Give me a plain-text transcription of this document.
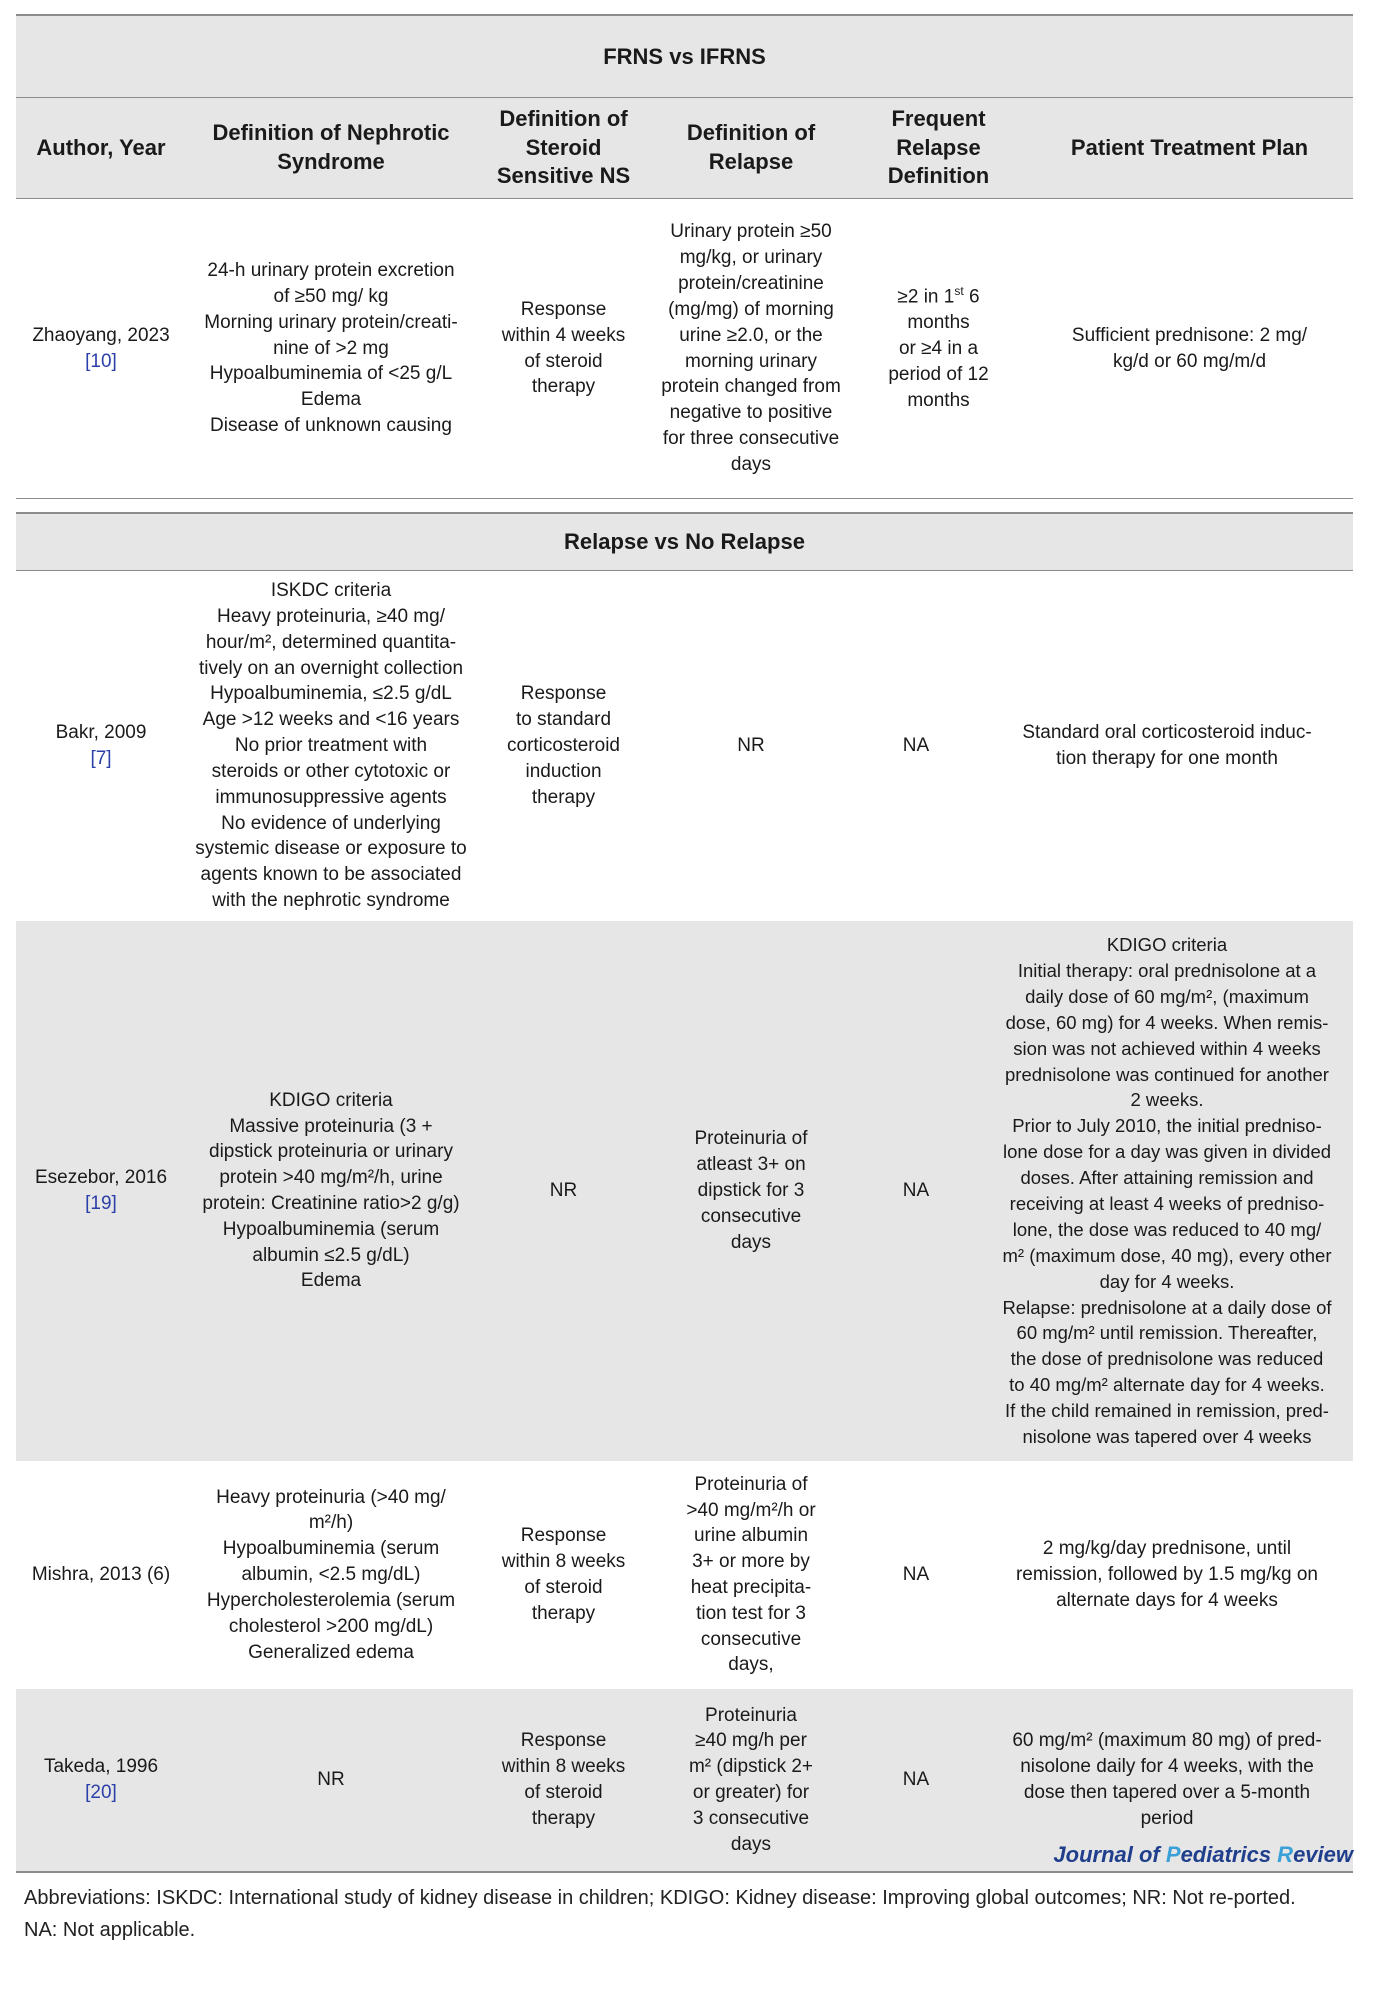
FRNS vs IFRNS
Author, Year
Definition of Nephrotic Syndrome
Definition of Steroid Sensitive NS
Definition of Relapse
Frequent Relapse Definition
Patient Treatment Plan
Zhaoyang, 2023
[10]
24-h urinary protein excretion
of ≥50 mg/ kg
Morning urinary protein/creati-
nine of >2 mg
Hypoalbuminemia of <25 g/L
Edema
Disease of unknown causing
Response
within 4 weeks
of steroid
therapy
Urinary protein ≥50
mg/kg, or urinary
protein/creatinine
(mg/mg) of morning
urine ≥2.0, or the
morning urinary
protein changed from
negative to positive
for three consecutive
days
≥2 in 1st 6
months
or ≥4 in a
period of 12
months
Sufficient prednisone: 2 mg/
kg/d or 60 mg/m/d
Relapse vs No Relapse
Bakr, 2009
[7]
ISKDC criteria
Heavy proteinuria, ≥40 mg/
hour/m², determined quantita-
tively on an overnight collection
Hypoalbuminemia, ≤2.5 g/dL
Age >12 weeks and <16 years
No prior treatment with
steroids or other cytotoxic or
immunosuppressive agents
No evidence of underlying
systemic disease or exposure to
agents known to be associated
with the nephrotic syndrome
Response
to standard
corticosteroid
induction
therapy
NR	NA
Standard oral corticosteroid induc-
tion therapy for one month
Esezebor, 2016
[19]
KDIGO criteria
Massive proteinuria (3 +
dipstick proteinuria or urinary
protein >40 mg/m²/h, urine
protein: Creatinine ratio>2 g/g)
Hypoalbuminemia (serum
albumin ≤2.5 g/dL)
Edema
NR
Proteinuria of
atleast 3+ on
dipstick for 3
consecutive
days
NA
KDIGO criteria
Initial therapy: oral prednisolone at a
daily dose of 60 mg/m², (maximum
dose, 60 mg) for 4 weeks. When remis-
sion was not achieved within 4 weeks
prednisolone was continued for another
2 weeks.
Prior to July 2010, the initial predniso-
lone dose for a day was given in divided
doses. After attaining remission and
receiving at least 4 weeks of predniso-
lone, the dose was reduced to 40 mg/
m² (maximum dose, 40 mg), every other
day for 4 weeks.
Relapse: prednisolone at a daily dose of
60 mg/m² until remission. Thereafter,
the dose of prednisolone was reduced
to 40 mg/m² alternate day for 4 weeks.
If the child remained in remission, pred-
nisolone was tapered over 4 weeks
Mishra, 2013 (6)
Heavy proteinuria (>40 mg/
m²/h)
Hypoalbuminemia (serum
albumin, <2.5 mg/dL)
Hypercholesterolemia (serum
cholesterol >200 mg/dL)
Generalized edema
Response
within 8 weeks
of steroid
therapy
Proteinuria of
>40 mg/m²/h or
urine albumin
3+ or more by
heat precipita-
tion test for 3
consecutive
days,
NA
2 mg/kg/day prednisone, until
remission, followed by 1.5 mg/kg on
alternate days for 4 weeks
Takeda, 1996
[20]
NR
Response
within 8 weeks
of steroid
therapy
Proteinuria
≥40 mg/h per
m² (dipstick 2+
or greater) for
3 consecutive
days
NA
60 mg/m² (maximum 80 mg) of pred-
nisolone daily for 4 weeks, with the
dose then tapered over a 5-month
period
Journal of Pediatrics Review
Abbreviations: ISKDC: International study of kidney disease in children; KDIGO: Kidney disease: Improving global outcomes; NR: Not re-ported. NA: Not applicable.
